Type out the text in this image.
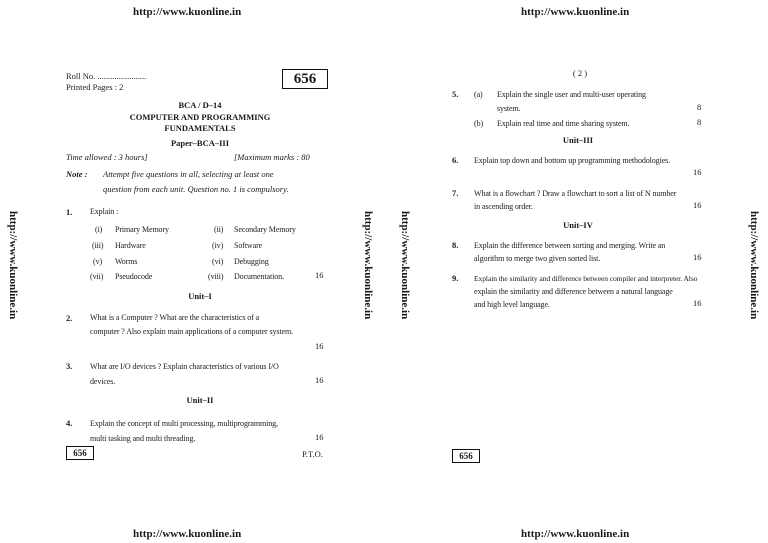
http://www.kuonline.in	http://www.kuonline.in
http://www.kuonline.in	http://www.kuonline.in
http://www.kuonline.in	http://www.kuonline.in http://www.kuonline.in	http://www.kuonline.in
Roll No. .......................
Printed Pages : 2	656
BCA / D–14
COMPUTER AND PROGRAMMING
FUNDAMENTALS
Paper–BCA–III
Time allowed : 3 hours]	[Maximum marks : 80
Note : Attempt five questions in all, selecting at least one
question from each unit. Question no. 1 is compulsory.
1. Explain :
(i) Primary Memory	(ii) Secondary Memory
(iii) Hardware	(iv) Software
(v) Worms	(vi) Debugging
(vii) Pseudocode	(viii) Documentation.	16
Unit–I
2. What is a Computer ? What are the characteristics of a
computer ? Also explain main applications of a computer system.
16
3. What are I/O devices ? Explain characteristics of various I/O
devices.	16
Unit–II
4. Explain the concept of multi processing, multiprogramming,
multi tasking and multi threading.	16
656	P.T.O.
( 2 )
5. (a) Explain the single user and multi-user operating
system.	8
(b) Explain real time and time sharing system.	8
Unit–III
6. Explain top down and bottom up programming methodologies.
16
7. What is a flowchart ? Draw a flowchart to sort a list of N number
in ascending order.	16
Unit–IV
8. Explain the difference between sorting and merging. Write an
algorithm to merge two given sorted list.	16
9. Explain the similarity and difference between compiler and interpreter. Also
explain the similarity and difference between a natural language
and high level language.	16
656
